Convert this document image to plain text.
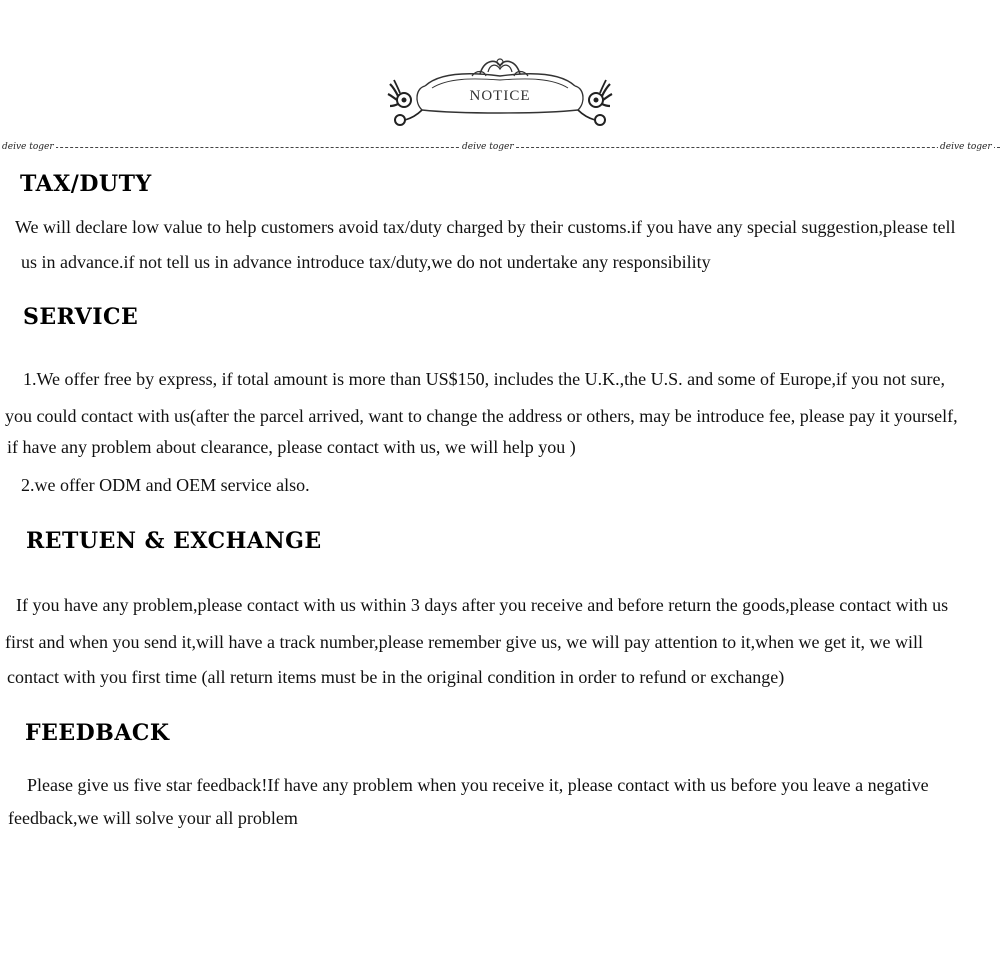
NOTICE
deive toger	deive toger	deive toger
TAX/DUTY

We will declare low value to help customers avoid tax/duty charged by their customs.if you have any special suggestion,please tell

us in advance.if not tell us in advance introduce tax/duty,we do not undertake any responsibility

SERVICE

1.We offer free by express, if total amount is more than US$150, includes the U.K.,the U.S. and some of Europe,if you not sure,

you could contact with us(after the parcel arrived, want to change the address or others, may be introduce fee, please pay it yourself,

if have any problem about clearance, please contact with us, we will help you )

2.we offer ODM and OEM service also.

RETUEN & EXCHANGE

If you have any problem,please contact with us within 3 days after you receive and before return the goods,please contact with us

first and when you send it,will have a track number,please remember give us, we will pay attention to it,when we get it, we will

contact with you first time (all return items must be in the original condition in order to refund or exchange)

FEEDBACK

Please give us five star feedback!If have any problem when you receive it, please contact with us before you leave a negative

feedback,we will solve your all problem
